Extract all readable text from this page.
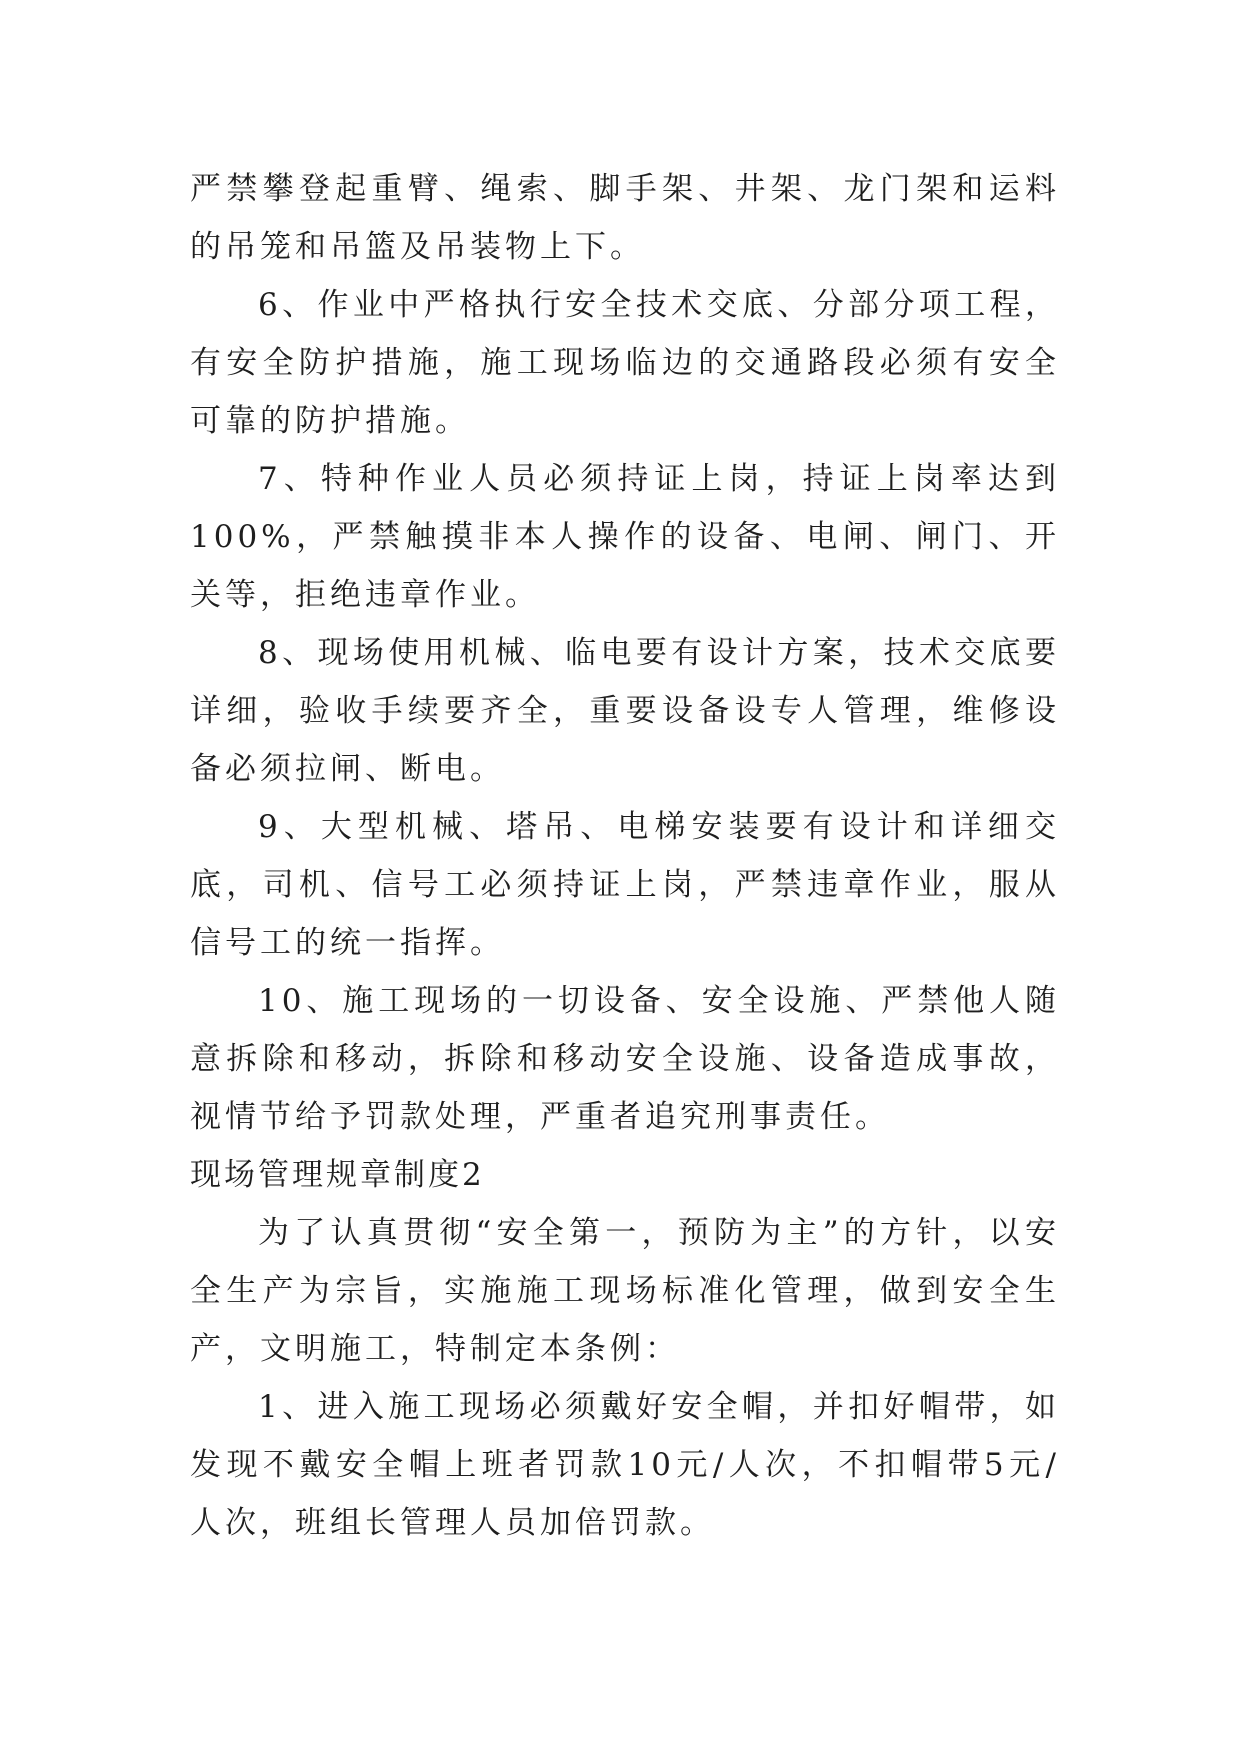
严禁攀登起重臂、绳索、脚手架、井架、龙门架和运料的吊笼和吊篮及吊装物上下。

6、作业中严格执行安全技术交底、分部分项工程，有安全防护措施，施工现场临边的交通路段必须有安全可靠的防护措施。

7、特种作业人员必须持证上岗，持证上岗率达到100%，严禁触摸非本人操作的设备、电闸、闸门、开关等，拒绝违章作业。

8、现场使用机械、临电要有设计方案，技术交底要详细，验收手续要齐全，重要设备设专人管理，维修设备必须拉闸、断电。

9、大型机械、塔吊、电梯安装要有设计和详细交底，司机、信号工必须持证上岗，严禁违章作业，服从信号工的统一指挥。

10、施工现场的一切设备、安全设施、严禁他人随意拆除和移动，拆除和移动安全设施、设备造成事故，视情节给予罚款处理，严重者追究刑事责任。

现场管理规章制度2

为了认真贯彻“安全第一，预防为主”的方针，以安全生产为宗旨，实施施工现场标准化管理，做到安全生产，文明施工，特制定本条例：

1、进入施工现场必须戴好安全帽，并扣好帽带，如发现不戴安全帽上班者罚款10元/人次，不扣帽带5元/人次，班组长管理人员加倍罚款。
